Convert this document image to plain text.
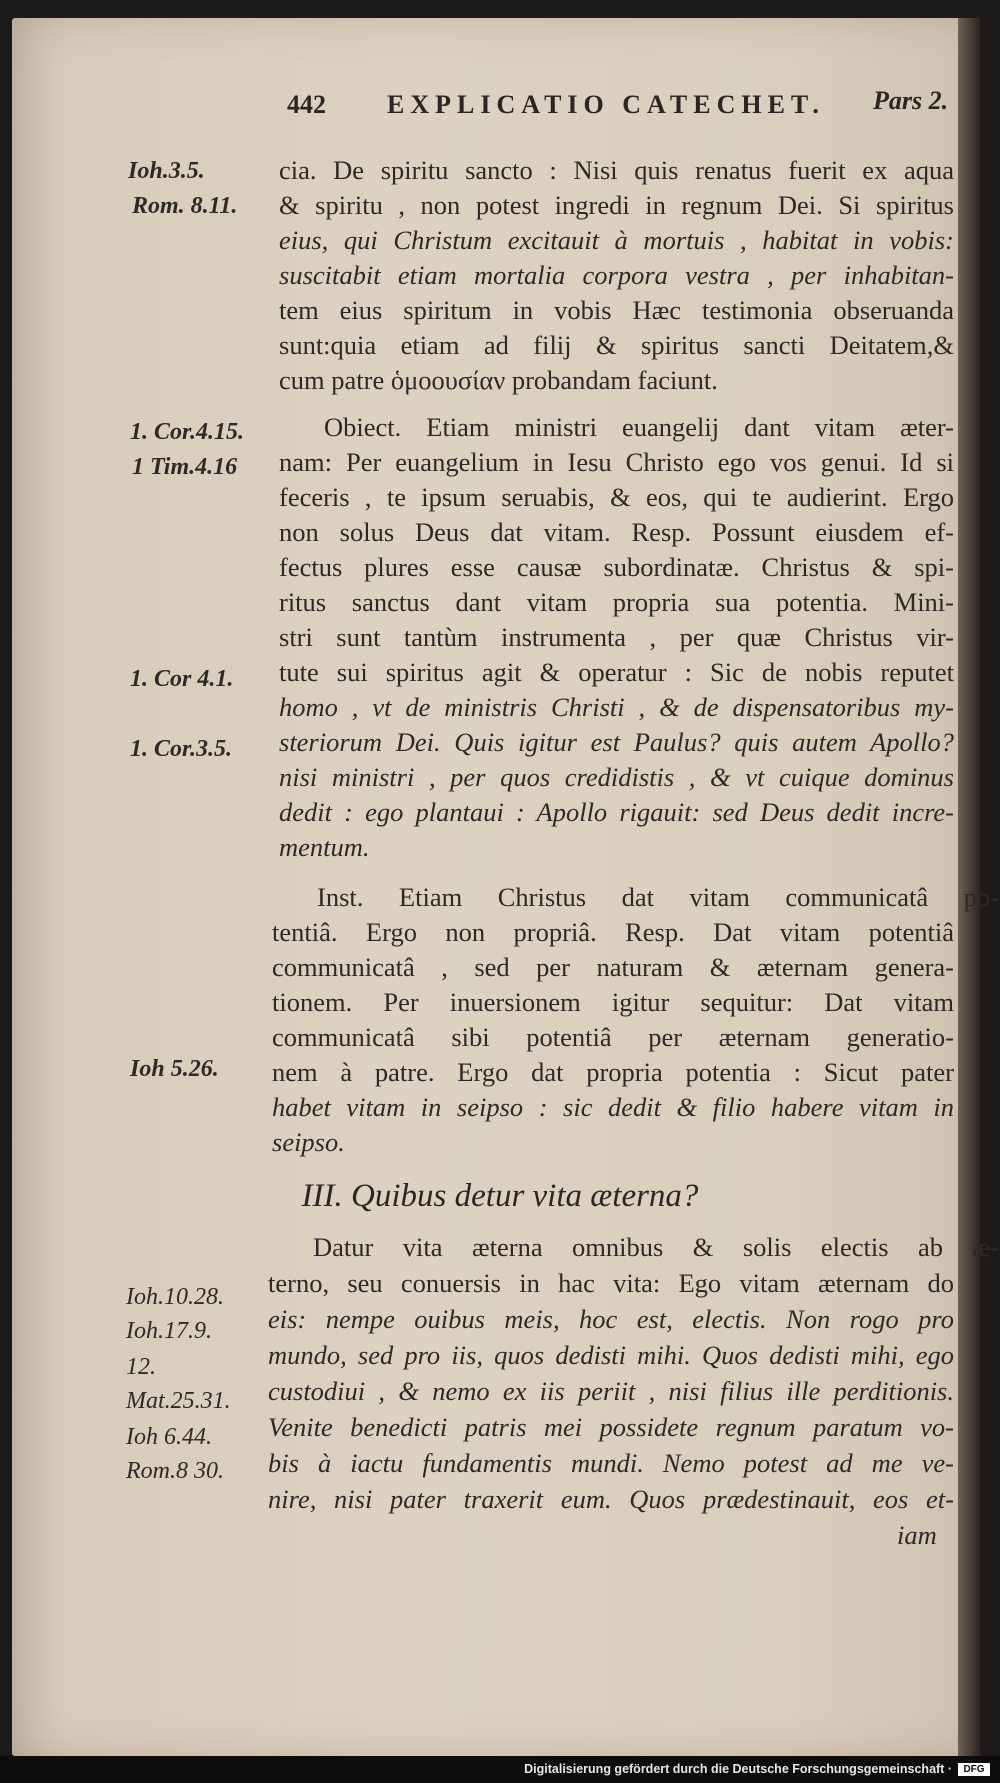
442 EXPLICATIO CATECHET. Pars 2.
Ioh.3.5.
Rom. 8.11.
1. Cor.4.15.
1 Tim.4.16
1. Cor 4.1.
1. Cor.3.5.
Ioh 5.26.
Ioh.10.28.
Ioh.17.9.
12.
Mat.25.31.
Ioh 6.44.
Rom.8 30.
cia. De spiritu sancto : Nisi quis renatus fuerit ex aqua
& spiritu , non potest ingredi in regnum Dei. Si spiritus
eius, qui Christum excitauit à mortuis , habitat in vobis:
suscitabit etiam mortalia corpora vestra , per inhabitan-
tem eius spiritum in vobis Hæc testimonia obseruanda
sunt:quia etiam ad filij & spiritus sancti Deitatem,&
cum patre ὁμοουσίαν probandam faciunt.
Obiect. Etiam ministri euangelij dant vitam æter-
nam: Per euangelium in Iesu Christo ego vos genui. Id si
feceris , te ipsum seruabis, & eos, qui te audierint. Ergo
non solus Deus dat vitam. Resp. Possunt eiusdem ef-
fectus plures esse causæ subordinatæ. Christus & spi-
ritus sanctus dant vitam propria sua potentia. Mini-
stri sunt tantùm instrumenta , per quæ Christus vir-
tute sui spiritus agit & operatur : Sic de nobis reputet
homo , vt de ministris Christi , & de dispensatoribus my-
steriorum Dei. Quis igitur est Paulus? quis autem Apollo?
nisi ministri , per quos credidistis , & vt cuique dominus
dedit : ego plantaui : Apollo rigauit: sed Deus dedit incre-
mentum.
Inst. Etiam Christus dat vitam communicatâ po-
tentiâ. Ergo non propriâ. Resp. Dat vitam potentiâ
communicatâ , sed per naturam & æternam genera-
tionem. Per inuersionem igitur sequitur: Dat vitam
communicatâ sibi potentiâ per æternam generatio-
nem à patre. Ergo dat propria potentia : Sicut pater
habet vitam in seipso : sic dedit & filio habere vitam in
seipso.
III. Quibus detur vita æterna?
Datur vita æterna omnibus & solis electis ab æ-
terno, seu conuersis in hac vita: Ego vitam æternam do
eis: nempe ouibus meis, hoc est, electis. Non rogo pro
mundo, sed pro iis, quos dedisti mihi. Quos dedisti mihi, ego
custodiui , & nemo ex iis periit , nisi filius ille perditionis.
Venite benedicti patris mei possidete regnum paratum vo-
bis à iactu fundamentis mundi. Nemo potest ad me ve-
nire, nisi pater traxerit eum. Quos prædestinauit, eos et-
iam
Digitalisierung gefördert durch die Deutsche Forschungsgemeinschaft ·	DFG
